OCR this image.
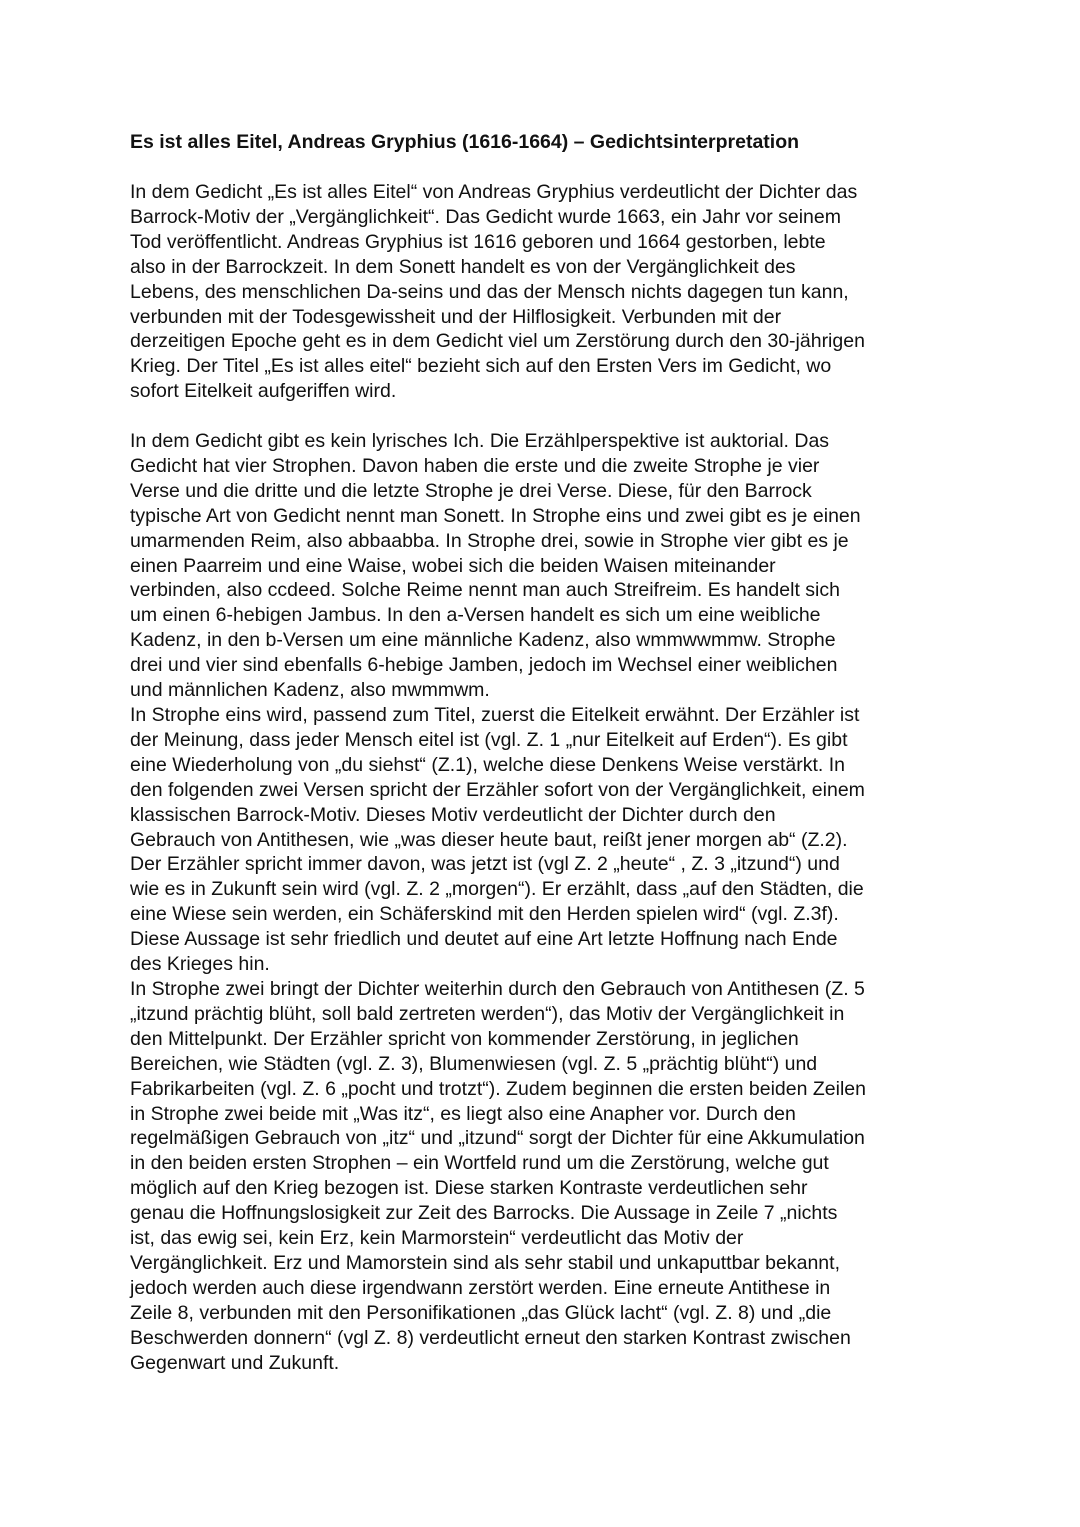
Es ist alles Eitel, Andreas Gryphius (1616-1664) – Gedichtsinterpretation
In dem Gedicht „Es ist alles Eitel“ von Andreas Gryphius verdeutlicht der Dichter das
Barrock-Motiv der „Vergänglichkeit“. Das Gedicht wurde 1663, ein Jahr vor seinem
Tod veröffentlicht. Andreas Gryphius ist 1616 geboren und 1664 gestorben, lebte
also in der Barrockzeit. In dem Sonett handelt es von der Vergänglichkeit des
Lebens, des menschlichen Da-seins und das der Mensch nichts dagegen tun kann,
verbunden mit der Todesgewissheit und der Hilflosigkeit. Verbunden mit der
derzeitigen Epoche geht es in dem Gedicht viel um Zerstörung durch den 30-jährigen
Krieg. Der Titel „Es ist alles eitel“ bezieht sich auf den Ersten Vers im Gedicht, wo
sofort Eitelkeit aufgeriffen wird.
In dem Gedicht gibt es kein lyrisches Ich. Die Erzählperspektive ist auktorial. Das
Gedicht hat vier Strophen. Davon haben die erste und die zweite Strophe je vier
Verse und die dritte und die letzte Strophe je drei Verse. Diese, für den Barrock
typische Art von Gedicht nennt man Sonett. In Strophe eins und zwei gibt es je einen
umarmenden Reim, also abbaabba. In Strophe drei, sowie in Strophe vier gibt es je
einen Paarreim und eine Waise, wobei sich die beiden Waisen miteinander
verbinden, also ccdeed. Solche Reime nennt man auch Streifreim. Es handelt sich
um einen 6-hebigen Jambus. In den a-Versen handelt es sich um eine weibliche
Kadenz, in den b-Versen um eine männliche Kadenz, also wmmwwmmw. Strophe
drei und vier sind ebenfalls 6-hebige Jamben, jedoch im Wechsel einer weiblichen
und männlichen Kadenz, also mwmmwm.
In Strophe eins wird, passend zum Titel, zuerst die Eitelkeit erwähnt. Der Erzähler ist
der Meinung, dass jeder Mensch eitel ist (vgl. Z. 1 „nur Eitelkeit auf Erden“). Es gibt
eine Wiederholung von „du siehst“ (Z.1), welche diese Denkens Weise verstärkt. In
den folgenden zwei Versen spricht der Erzähler sofort von der Vergänglichkeit, einem
klassischen Barrock-Motiv. Dieses Motiv verdeutlicht der Dichter durch den
Gebrauch von Antithesen, wie „was dieser heute baut, reißt jener morgen ab“ (Z.2).
Der Erzähler spricht immer davon, was jetzt ist (vgl Z. 2 „heute“ , Z. 3 „itzund“) und
wie es in Zukunft sein wird (vgl. Z. 2 „morgen“). Er erzählt, dass „auf den Städten, die
eine Wiese sein werden, ein Schäferskind mit den Herden spielen wird“ (vgl. Z.3f).
Diese Aussage ist sehr friedlich und deutet auf eine Art letzte Hoffnung nach Ende
des Krieges hin.
In Strophe zwei bringt der Dichter weiterhin durch den Gebrauch von Antithesen (Z. 5
„itzund prächtig blüht, soll bald zertreten werden“), das Motiv der Vergänglichkeit in
den Mittelpunkt. Der Erzähler spricht von kommender Zerstörung, in jeglichen
Bereichen, wie Städten (vgl. Z. 3), Blumenwiesen (vgl. Z. 5 „prächtig blüht“) und
Fabrikarbeiten (vgl. Z. 6 „pocht und trotzt“). Zudem beginnen die ersten beiden Zeilen
in Strophe zwei beide mit „Was itz“, es liegt also eine Anapher vor. Durch den
regelmäßigen Gebrauch von „itz“ und „itzund“ sorgt der Dichter für eine Akkumulation
in den beiden ersten Strophen – ein Wortfeld rund um die Zerstörung, welche gut
möglich auf den Krieg bezogen ist. Diese starken Kontraste verdeutlichen sehr
genau die Hoffnungslosigkeit zur Zeit des Barrocks. Die Aussage in Zeile 7 „nichts
ist, das ewig sei, kein Erz, kein Marmorstein“ verdeutlicht das Motiv der
Vergänglichkeit. Erz und Mamorstein sind als sehr stabil und unkaputtbar bekannt,
jedoch werden auch diese irgendwann zerstört werden. Eine erneute Antithese in
Zeile 8, verbunden mit den Personifikationen „das Glück lacht“ (vgl. Z. 8) und „die
Beschwerden donnern“ (vgl Z. 8) verdeutlicht erneut den starken Kontrast zwischen
Gegenwart und Zukunft.
